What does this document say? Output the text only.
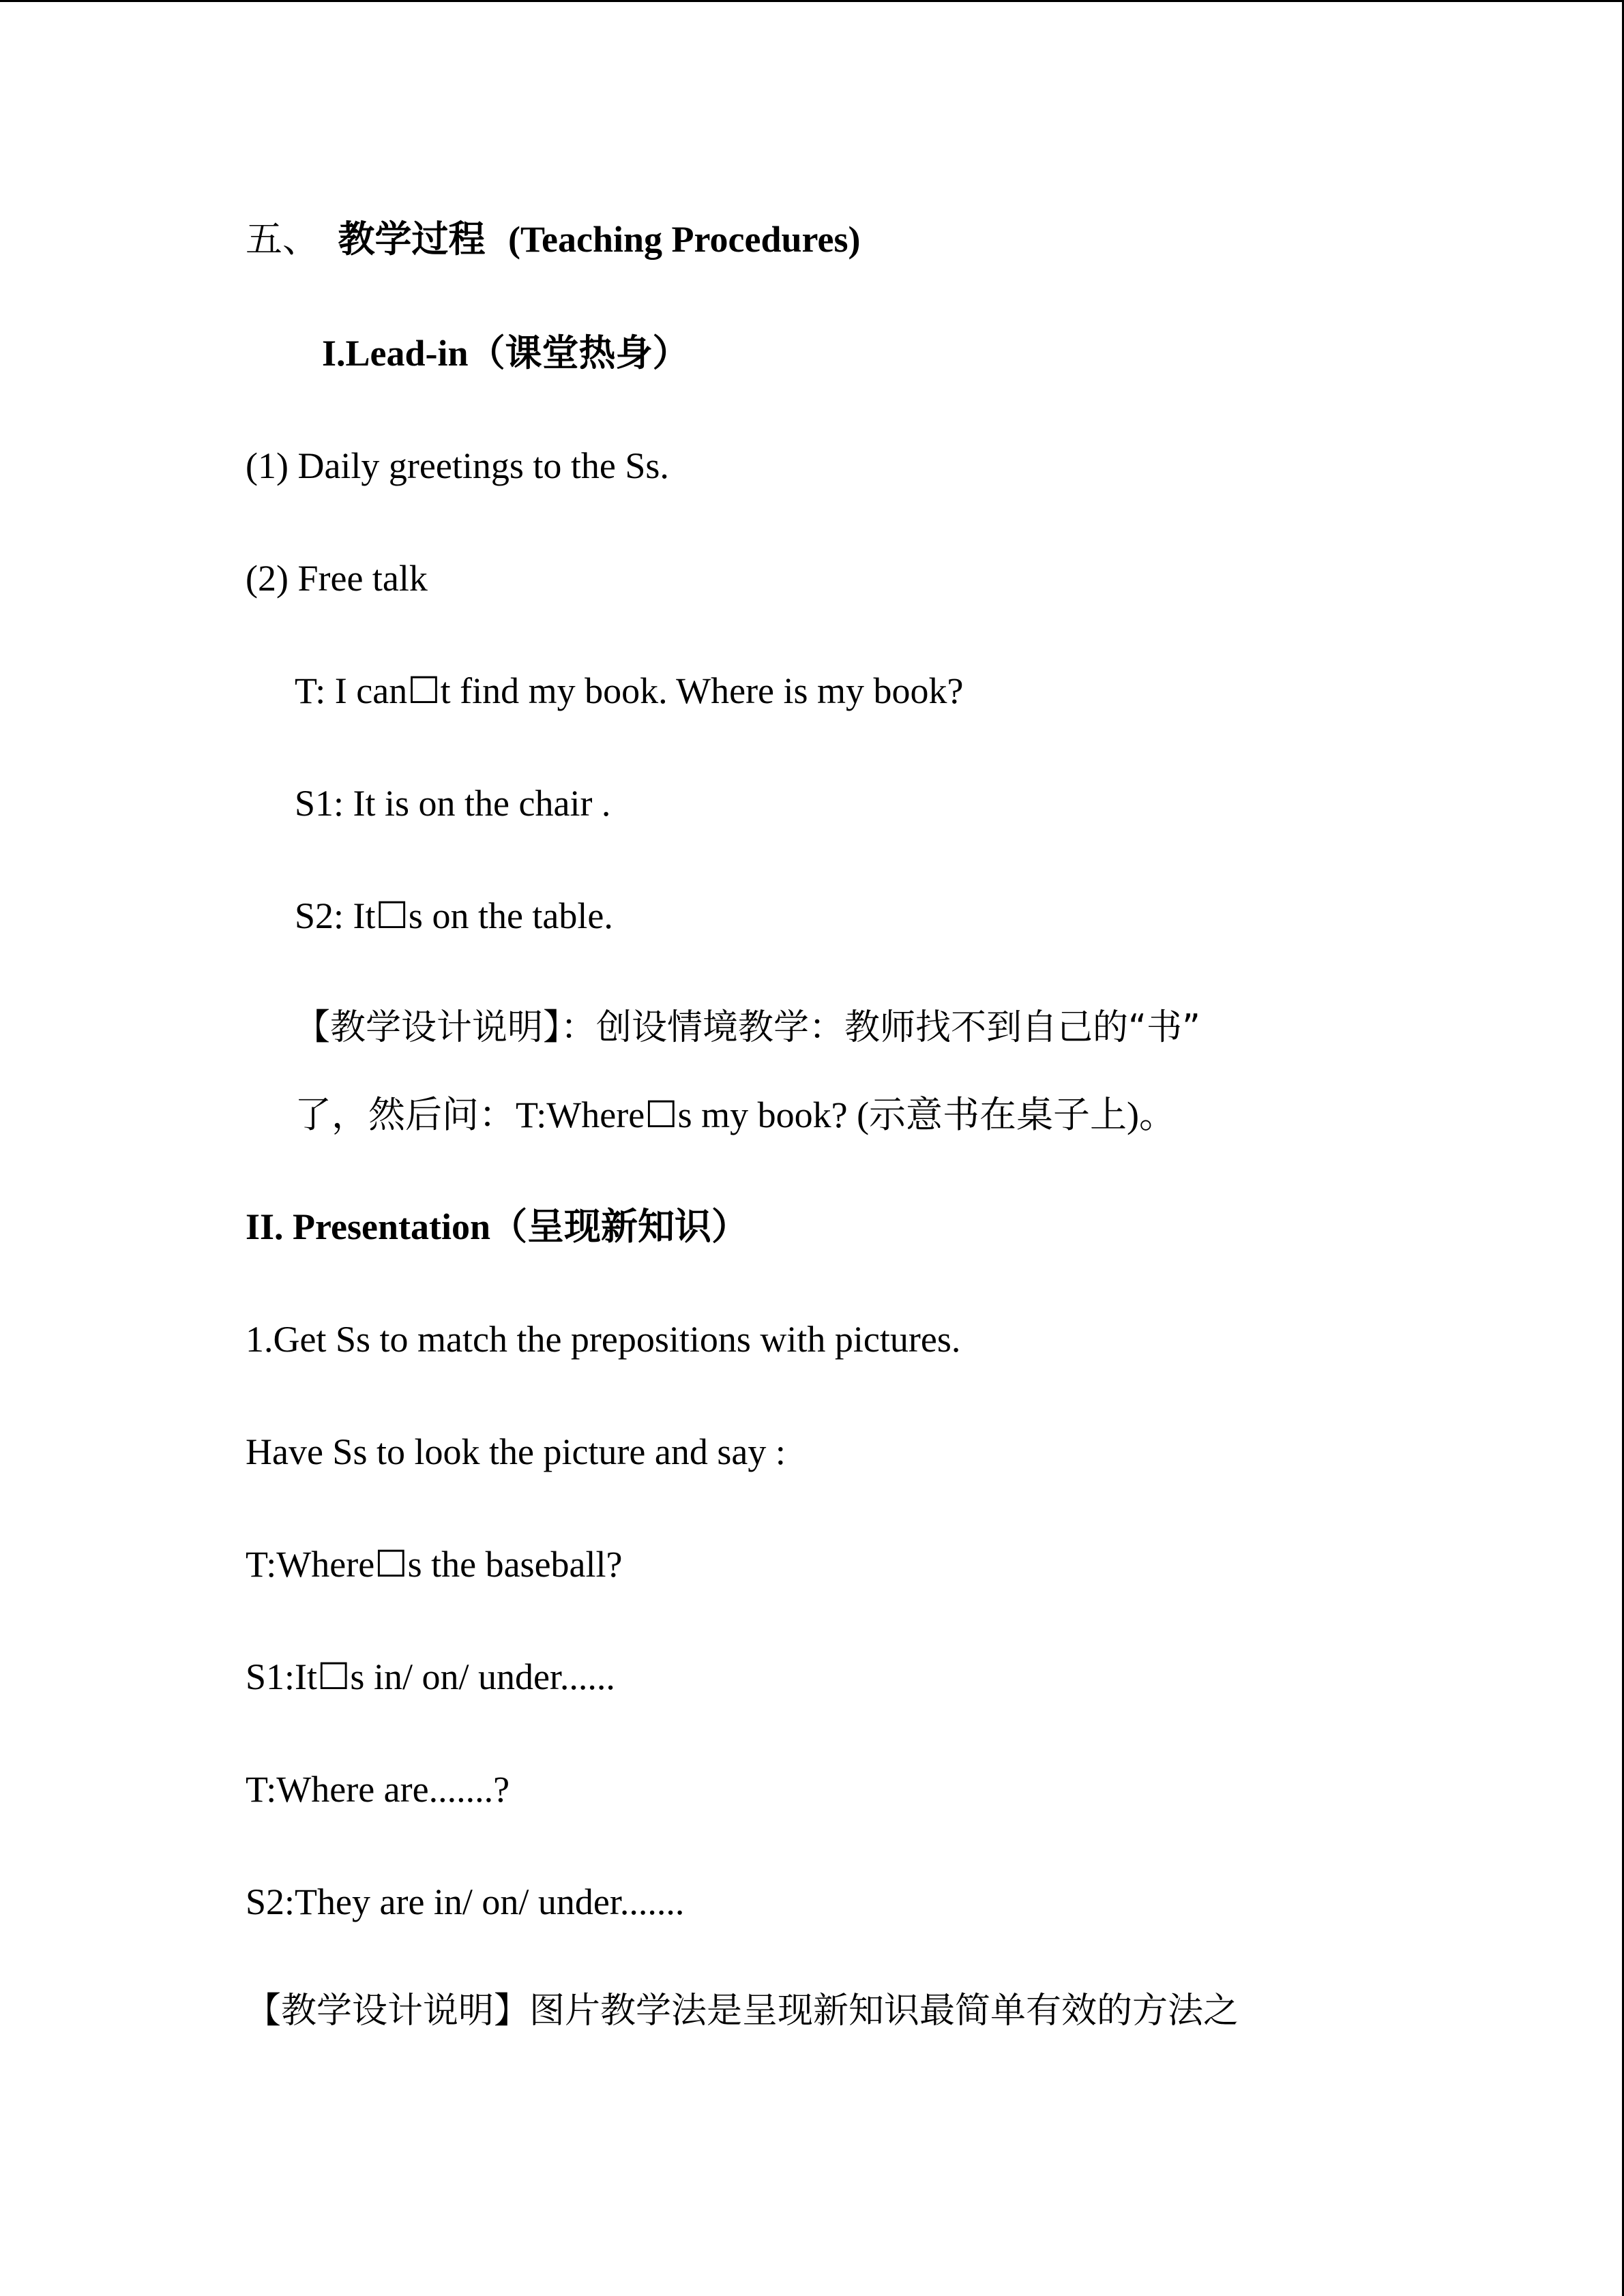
五、 教学过程 (Teaching Procedures)
I.Lead-in（课堂热身）

(1) Daily greetings to the Ss.

(2) Free talk

T: I can☐t find my book. Where is my book?

S1: It is on the chair .

S2: It☐s on the table.

【教学设计说明】：创设情境教学：教师找不到自己的“书”

了，然后问：T:Where☐s my book? (示意书在桌子上)。

II. Presentation（呈现新知识）

1.Get Ss to match the prepositions with pictures.

Have Ss to look the picture and say :

T:Where☐s the baseball?

S1:It☐s in/ on/ under......

T:Where are.......?

S2:They are in/ on/ under.......

【教学设计说明】图片教学法是呈现新知识最简单有效的方法之
